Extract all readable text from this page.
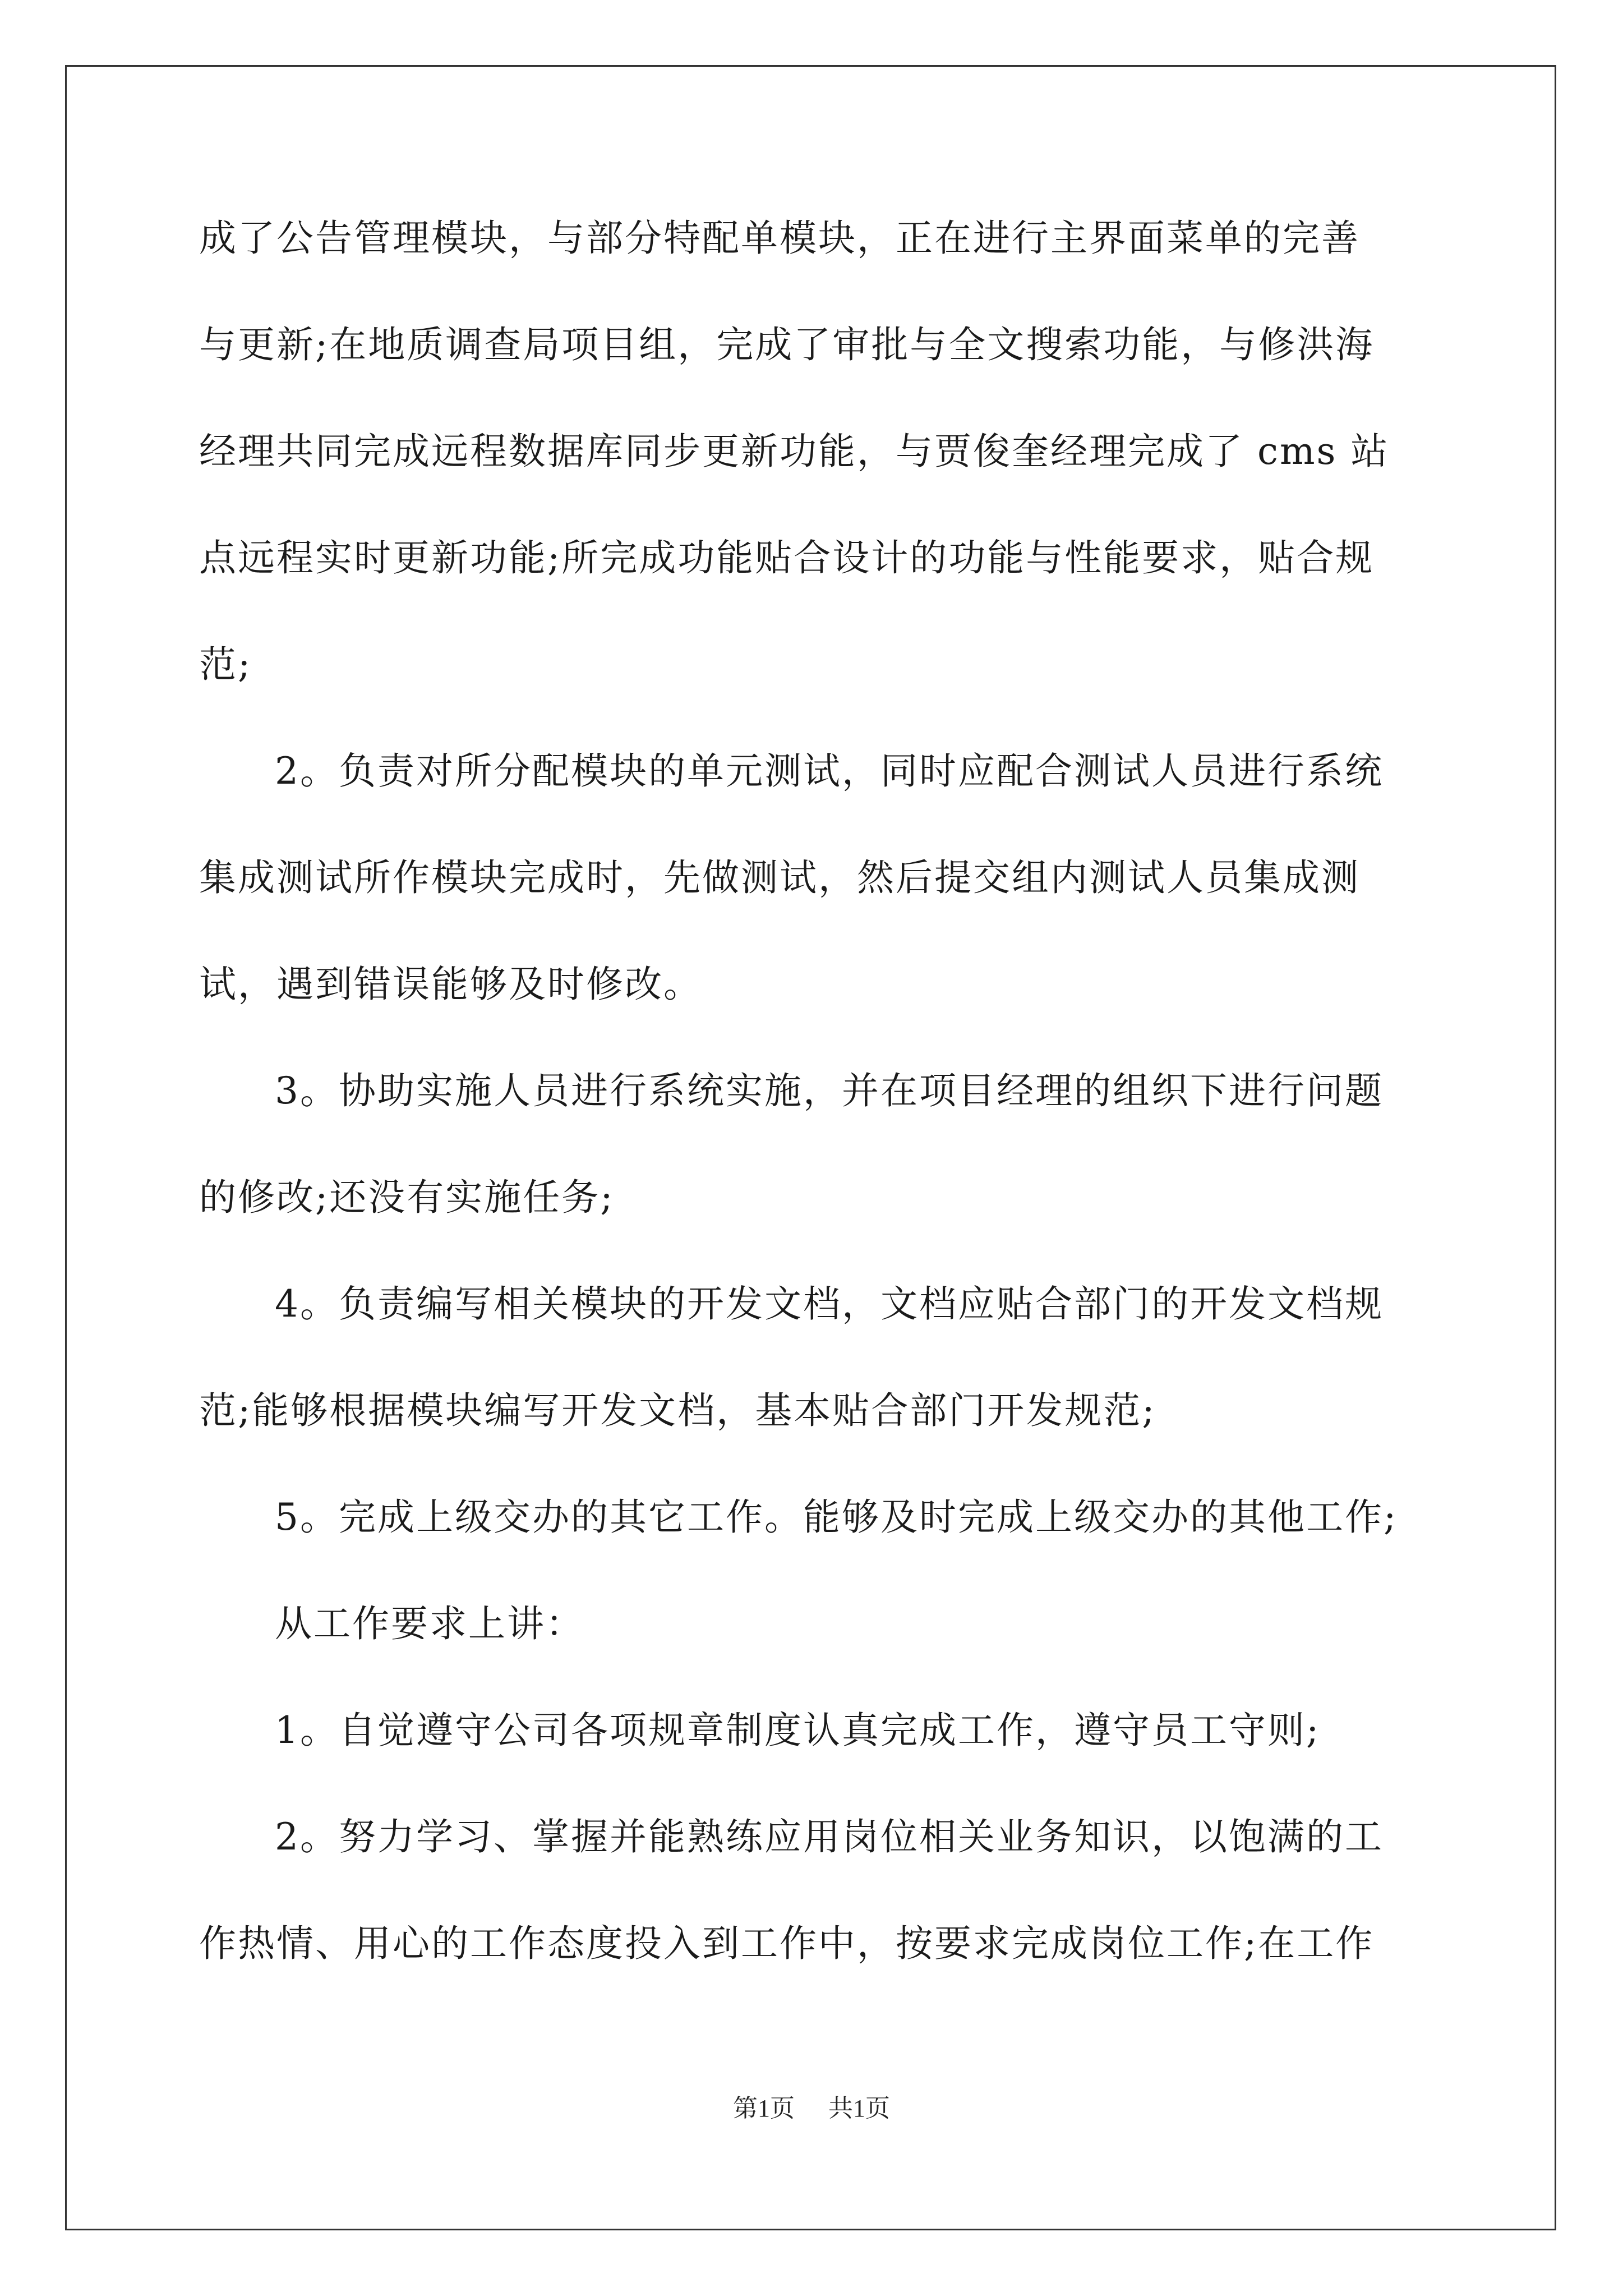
成了公告管理模块，与部分特配单模块，正在进行主界面菜单的完善
与更新;在地质调查局项目组，完成了审批与全文搜索功能，与修洪海
经理共同完成远程数据库同步更新功能，与贾俊奎经理完成了 cms 站
点远程实时更新功能;所完成功能贴合设计的功能与性能要求，贴合规
范;
2。负责对所分配模块的单元测试，同时应配合测试人员进行系统
集成测试所作模块完成时，先做测试，然后提交组内测试人员集成测
试，遇到错误能够及时修改。
3。协助实施人员进行系统实施，并在项目经理的组织下进行问题
的修改;还没有实施任务;
4。负责编写相关模块的开发文档，文档应贴合部门的开发文档规
范;能够根据模块编写开发文档，基本贴合部门开发规范;
5。完成上级交办的其它工作。能够及时完成上级交办的其他工作;
从工作要求上讲：
1。自觉遵守公司各项规章制度认真完成工作，遵守员工守则;
2。努力学习、掌握并能熟练应用岗位相关业务知识，以饱满的工
作热情、用心的工作态度投入到工作中，按要求完成岗位工作;在工作
第1页 共1页
